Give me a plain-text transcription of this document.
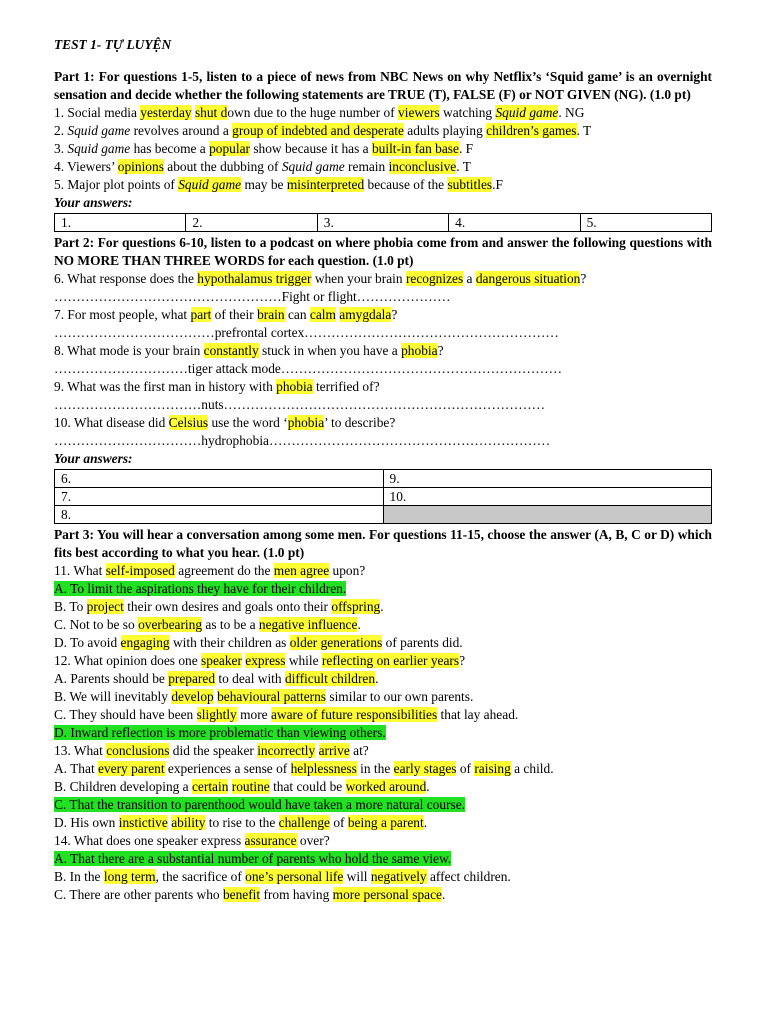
TEST 1- TỰ LUYỆN
Part 1: For questions 1-5, listen to a piece of news from NBC News on why Netflix’s ‘Squid game’ is an overnight sensation and decide whether the following statements are TRUE (T), FALSE (F) or NOT GIVEN (NG). (1.0 pt)
1. Social media yesterday shut down due to the huge number of viewers watching Squid game. NG
2. Squid game revolves around a group of indebted and desperate adults playing children’s games. T
3. Squid game has become a popular show because it has a built-in fan base. F
4. Viewers’ opinions about the dubbing of Squid game remain inconclusive. T
5. Major plot points of Squid game may be misinterpreted because of the subtitles.F
Your answers:
1.	2.	3.	4.	5.
Part 2: For questions 6-10, listen to a podcast on where phobia come from and answer the following questions with NO MORE THAN THREE WORDS for each question. (1.0 pt)
6. What response does the hypothalamus trigger when your brain recognizes a dangerous situation?
……………………………………………Fight or flight…………………
7. For most people, what part of their brain can calm amygdala?
………………………………prefrontal cortex…………………………………………………
8. What mode is your brain constantly stuck in when you have a phobia?
…………………………tiger attack mode………………………………………………………
9. What was the first man in history with phobia terrified of?
……………………………nuts………………………………………………………………
10. What disease did Celsius use the word ‘phobia’ to describe?
……………………………hydrophobia………………………………………………………
Your answers:
6.	9.
7.	10.
8.	
Part 3: You will hear a conversation among some men. For questions 11-15, choose the answer (A, B, C or D) which fits best according to what you hear. (1.0 pt)
11. What self-imposed agreement do the men agree upon?
A. To limit the aspirations they have for their children.
B. To project their own desires and goals onto their offspring.
C. Not to be so overbearing as to be a negative influence.
D. To avoid engaging with their children as older generations of parents did.
12. What opinion does one speaker express while reflecting on earlier years?
A. Parents should be prepared to deal with difficult children.
B. We will inevitably develop behavioural patterns similar to our own parents.
C. They should have been slightly more aware of future responsibilities that lay ahead.
D. Inward reflection is more problematic than viewing others.
13. What conclusions did the speaker incorrectly arrive at?
A. That every parent experiences a sense of helplessness in the early stages of raising a child.
B. Children developing a certain routine that could be worked around.
C. That the transition to parenthood would have taken a more natural course.
D. His own instictive ability to rise to the challenge of being a parent.
14. What does one speaker express assurance over?
A. That there are a substantial number of parents who hold the same view.
B. In the long term, the sacrifice of one’s personal life will negatively affect children.
C. There are other parents who benefit from having more personal space.
